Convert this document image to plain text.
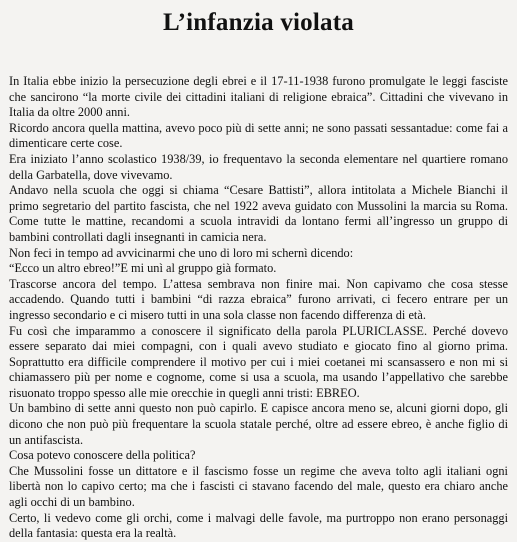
L’infanzia violata

In Italia ebbe inizio la persecuzione degli ebrei e il 17-11-1938 furono promulgate le leggi fasciste che sancirono “la morte civile dei cittadini italiani di religione ebraica”. Cittadini che vivevano in Italia da oltre 2000 anni.

Ricordo ancora quella mattina, avevo poco più di sette anni; ne sono passati sessantadue: come fai a dimenticare certe cose.

Era iniziato l’anno scolastico 1938/39, io frequentavo la seconda elementare nel quartiere romano della Garbatella, dove vivevamo.

Andavo nella scuola che oggi si chiama “Cesare Battisti”, allora intitolata a Michele Bianchi il primo segretario del partito fascista, che nel 1922 aveva guidato con Mussolini la marcia su Roma. Come tutte le mattine, recandomi a scuola intravidi da lontano fermi all’ingresso un gruppo di bambini controllati dagli insegnanti in camicia nera.

Non feci in tempo ad avvicinarmi che uno di loro mi schernì dicendo:

“Ecco un altro ebreo!”E mi unì al gruppo già formato.

Trascorse ancora del tempo. L’attesa sembrava non finire mai. Non capivamo che cosa stesse accadendo. Quando tutti i bambini “di razza ebraica” furono arrivati, ci fecero entrare per un ingresso secondario e ci misero tutti in una sola classe non facendo differenza di età.

Fu così che imparammo a conoscere il significato della parola PLURICLASSE. Perché dovevo essere separato dai miei compagni, con i quali avevo studiato e giocato fino al giorno prima. Soprattutto era difficile comprendere il motivo per cui i miei coetanei mi scansassero e non mi si chiamassero più per nome e cognome, come si usa a scuola, ma usando l’appellativo che sarebbe risuonato troppo spesso alle mie orecchie in quegli anni tristi: EBREO.

Un bambino di sette anni questo non può capirlo. E capisce ancora meno se, alcuni giorni dopo, gli dicono che non può più frequentare la scuola statale perché, oltre ad essere ebreo, è anche figlio di un antifascista.

Cosa potevo conoscere della politica?

Che Mussolini fosse un dittatore e il fascismo fosse un regime che aveva tolto agli italiani ogni libertà non lo capivo certo; ma che i fascisti ci stavano facendo del male, questo era chiaro anche agli occhi di un bambino.

Certo, li vedevo come gli orchi, come i malvagi delle favole, ma purtroppo non erano personaggi della fantasia: questa era la realtà.
